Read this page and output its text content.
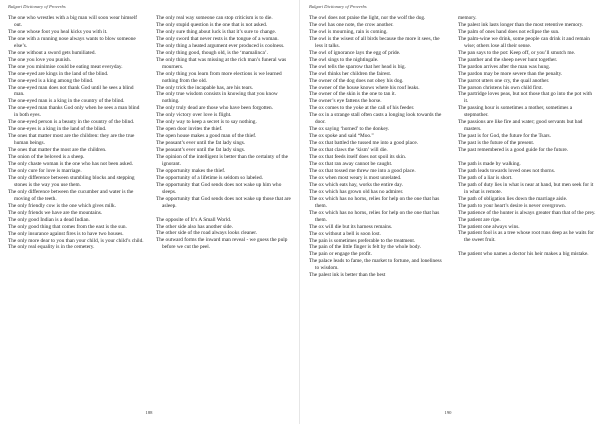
Bulgari Dictionary of Proverbs
The one who wrestles with a big man will soon wear himself out.
The one whose foot you heal kicks you with it.
The one with a running nose always wants to blow someone else’s.
The one without a sword gets humiliated.
The one you love you punish.
The one you minimise could be eating meat everyday.
The one-eyed are kings in the land of the blind.
The one-eyed is a king among the blind.
The one-eyed man does not thank God until he sees a blind man.
The one-eyed man is a king in the country of the blind.
The one-eyed man thanks God only when he sees a man blind in both eyes.
The one-eyed person is a beauty in the country of the blind.
The one-eyes is a king in the land of the blind.
The ones that matter most are the children: they are the true human beings.
The ones that matter the most are the children.
The onion of the beloved is a sheep.
The only chaste woman is the one who has not been asked.
The only cure for love is marriage.
The only difference between stumbling blocks and stepping stones is the way you use them.
The only difference between the cucumber and water is the moving of the teeth.
The only friendly cow is the one which gives milk.
The only friends we have are the mountains.
The only good Indian is a dead Indian.
The only good thing that comes from the east is the sun.
The only insurance against fires is to have two houses.
The only more dear to you than your child, is your child’s child.
The only real equality is in the cemetery.
The only real way someone can stop criticism is to die.
The only stupid question is the one that is not asked.
The only sure thing about luck is that it’s sure to change.
The only sword that never rests is the tongue of a woman.
The only thing a heated argument ever produced is coolness.
The only thing good, though old, is the ‘mamalinca’.
The only thing that was missing at the rich man’s funeral was mourners.
The only thing you learn from more elections is we learned nothing from the old.
The only trick the incapable has, are his tears.
The only true wisdom consists in knowing that you know nothing.
The only truly dead are those who have been forgotten.
The only victory over love is flight.
The only way to keep a secret is to say nothing.
The open door invites the thief.
The open house makes a good man of the thief.
The peasant’s ever until the fat lady sings.
The peasant’s ever until the fat lady sings.
The opinion of the intelligent is better than the certainty of the ignorant.
The opportunity makes the thief.
The opportunity of a lifetime is seldom so labeled.
The opportunity that God sends does not wake up him who sleeps.
The opportunity that God sends does not wake up those that are asleep.
The opposite of It’s A Small World.
The other side also has another side.
The other side of the road always looks cleaner.
The outward forms the inward man reveal - we guess the pulp before we cut the peel.
188
Bulgari Dictionary of Proverbs
The owl does not praise the light, nor the wolf the dog.
The owl has one note, the crow another.
The owl is mourning, rain is coming.
The owl is the wisest of all birds because the more it sees, the less it talks.
The owl of ignorance lays the egg of pride.
The owl sings to the nightingale.
The owl tells the sparrow that her head is big.
The owl thinks her children the fairest.
The owner of the dog does not obey his dog.
The owner of the house knows where his roof leaks.
The owner of the skin is the one to tan it.
The owner’s eye fattens the horse.
The ox comes to the yoke at the call of his feeder.
The ox in a strange stall often casts a longing look towards the door.
The ox saying ‘horned’ to the donkey.
The ox spoke and said “Moo.”
The ox that battled the tussed me into a good place.
The ox that claws the ‘kism’ will die.
The ox that feeds itself does not spoil its skin.
The ox that ran away cannot be caught.
The ox that tossed me threw me into a good place.
The ox when most weary is most unrelated.
The ox which eats hay, works the entire day.
The ox which has grown old has no admirer.
The ox which has no horns, relies for help on the one that has them.
The ox which has no horns, relies for help on the one that has them.
The ox will die but its harness remains.
The ox without a bell is soon lost.
The pain is sometimes preferable to the treatment.
The pain of the little finger is felt by the whole body.
The pain or engage the profit.
The palace leads to fame, the market to fortune, and loneliness to wisdom.
The palest ink is better than the best
memory.
The palest ink lasts longer than the most retentive memory.
The palm of ones hand does not eclipse the sun.
The palm-wine we drink, some people can drink it and remain wise; others lose all their sense.
The pan says to the pot: Keep off, or you’ll smutch me.
The panther and the sheep never hunt together.
The pardon arrives after the man was hung.
The pardon may be more severe than the penalty.
The parrot utters one cry, the quail another.
The parson christens his own child first.
The partridge loves peas, but not those that go into the pot with it.
The passing hour is sometimes a mother, sometimes a stepmother.
The passions are like fire and water; good servants but bad masters.
The past is for God, the future for the Tsars.
The past is the future of the present.
The past remembered is a good guide for the future.
The path is made by walking.
The path leads towards loved ones not thorns.
The path of a liar is short.
The path of duty lies in what is near at hand, but men seek for it in what is remote.
The path of obligation lies down the marriage aisle.
The path to your heart’s desire is never overgrown.
The patience of the hunter is always greater than that of the prey.
The patient are ripe.
The patient one always wins.
The patient fool is as a tree whose root runs deep as he waits for the sweet fruit.
The patient who names a doctor his heir makes a big mistake.
190
